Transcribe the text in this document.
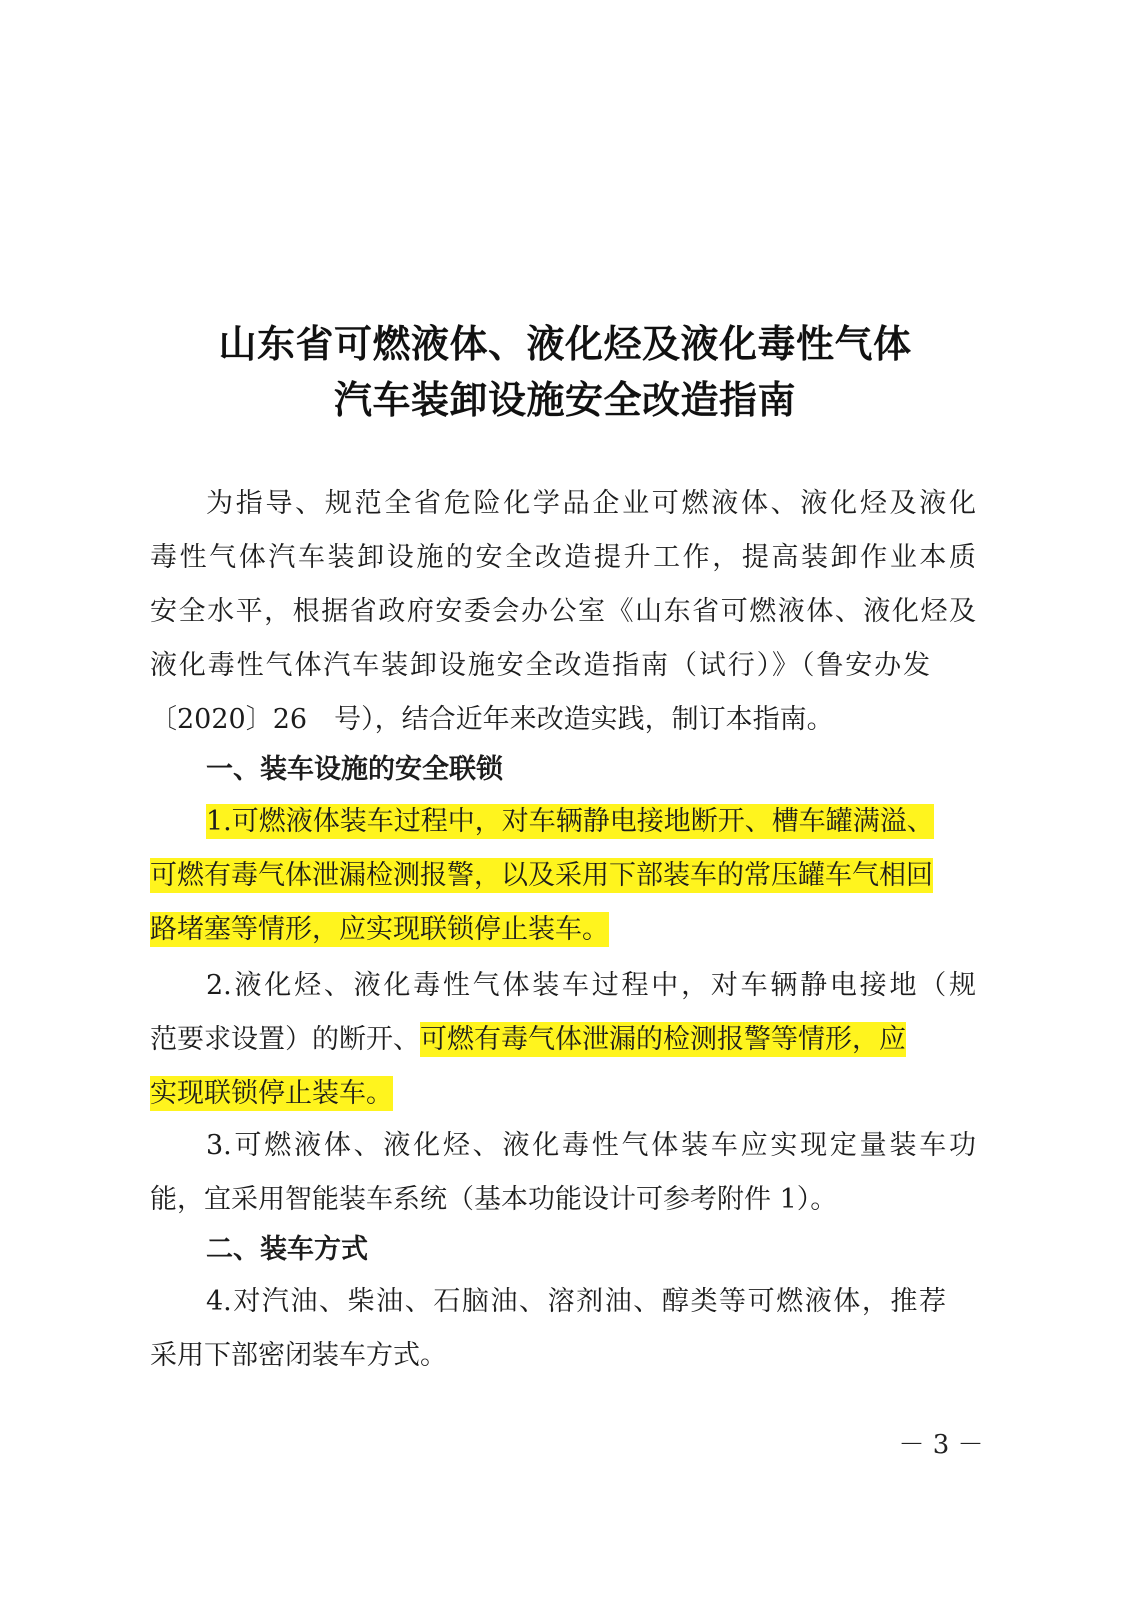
山东省可燃液体、液化烃及液化毒性气体
汽车装卸设施安全改造指南
为指导、规范全省危险化学品企业可燃液体、液化烃及液化
毒性气体汽车装卸设施的安全改造提升工作，提高装卸作业本质
安全水平，根据省政府安委会办公室《山东省可燃液体、液化烃及
液化毒性气体汽车装卸设施安全改造指南（试行）》（鲁安办发
〔2020〕26　号），结合近年来改造实践，制订本指南。
一、装车设施的安全联锁
1.可燃液体装车过程中，对车辆静电接地断开、槽车罐满溢、
可燃有毒气体泄漏检测报警，以及采用下部装车的常压罐车气相回
路堵塞等情形，应实现联锁停止装车。
2.液化烃、液化毒性气体装车过程中，对车辆静电接地（规
范要求设置）的断开、可燃有毒气体泄漏的检测报警等情形，应
实现联锁停止装车。
3.可燃液体、液化烃、液化毒性气体装车应实现定量装车功
能，宜采用智能装车系统（基本功能设计可参考附件 1）。
二、装车方式
4.对汽油、柴油、石脑油、溶剂油、醇类等可燃液体，推荐
采用下部密闭装车方式。
－ 3 －
